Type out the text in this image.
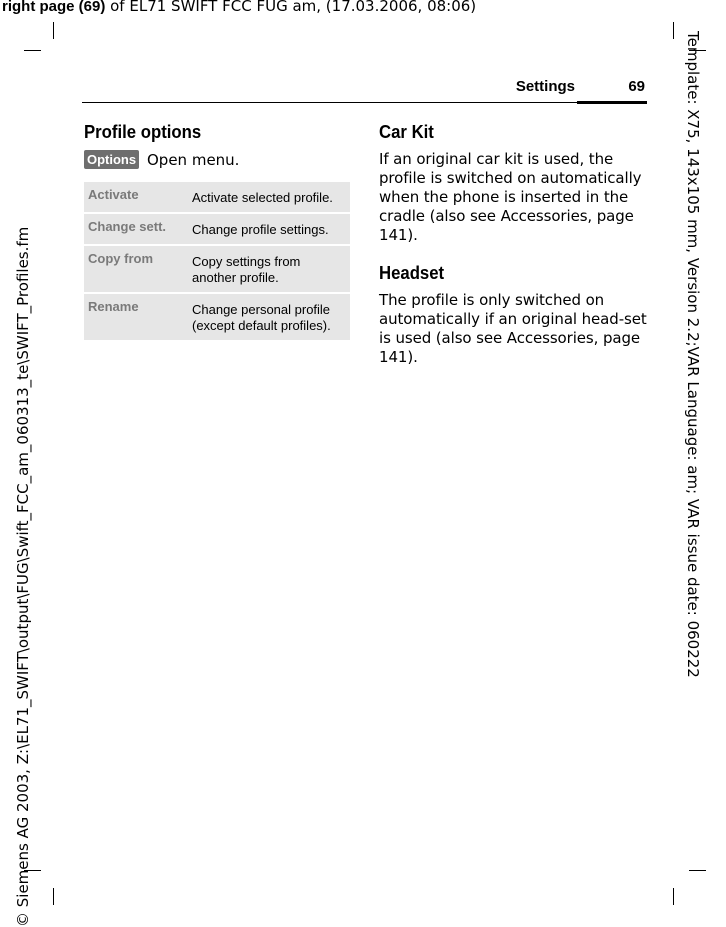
right page (69) of EL71 SWIFT FCC FUG am, (17.03.2006, 08:06)
© Siemens AG 2003, Z:\EL71_SWIFT\output\FUG\Swift_FCC_am_060313_te\SWIFT_Profiles.fm	Template: X75, 143x105 mm, Version 2.2;VAR Language: am; VAR issue date: 060222
Settings	69
Profile options
Options Open menu.
Activate	Activate selected profile.
Change sett.	Change profile settings.
Copy from	Copy settings from another profile.
Rename	Change personal profile (except default profiles).
Car Kit

If an original car kit is used, the profile is switched on automatically when the phone is inserted in the cradle (also see Accessories, page 141).

Headset

The profile is only switched on automatically if an original head-set is used (also see Accessories, page 141).
